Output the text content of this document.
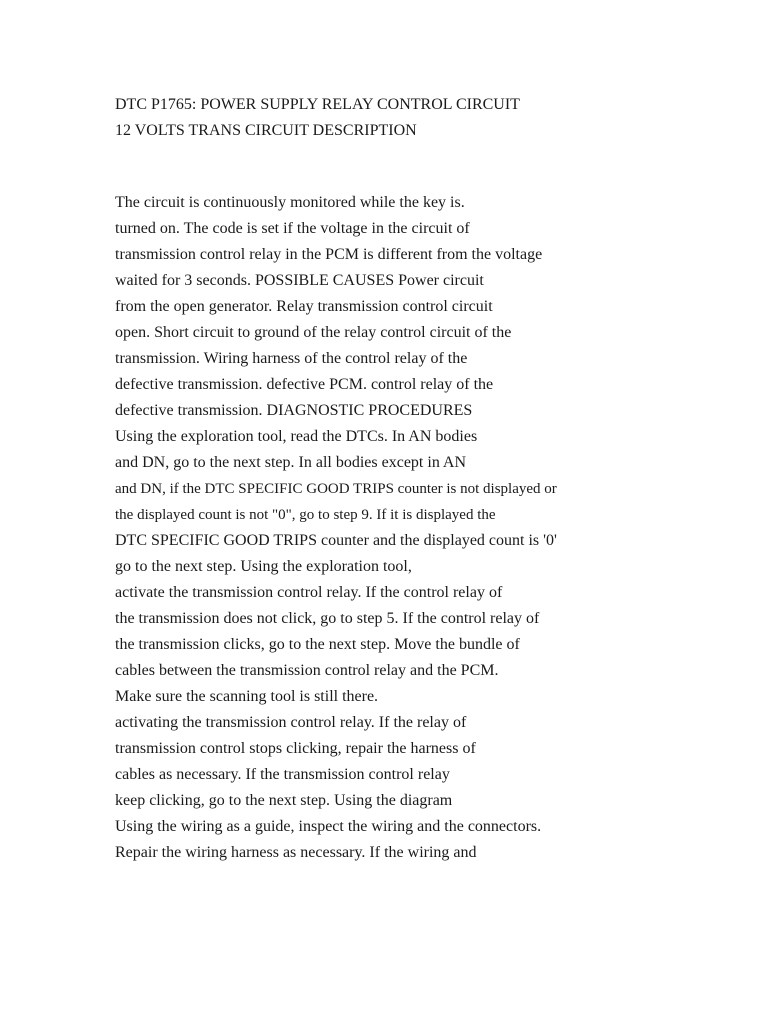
DTC P1765: POWER SUPPLY RELAY CONTROL CIRCUIT

12 VOLTS TRANS CIRCUIT DESCRIPTION

The circuit is continuously monitored while the key is.

turned on. The code is set if the voltage in the circuit of

transmission control relay in the PCM is different from the voltage

waited for 3 seconds. POSSIBLE CAUSES Power circuit

from the open generator. Relay transmission control circuit

open. Short circuit to ground of the relay control circuit of the

transmission. Wiring harness of the control relay of the

defective transmission. defective PCM. control relay of the

defective transmission. DIAGNOSTIC PROCEDURES

Using the exploration tool, read the DTCs. In AN bodies

and DN, go to the next step. In all bodies except in AN

and DN, if the DTC SPECIFIC GOOD TRIPS counter is not displayed or

the displayed count is not "0", go to step 9. If it is displayed the

DTC SPECIFIC GOOD TRIPS counter and the displayed count is '0'

go to the next step. Using the exploration tool,

activate the transmission control relay. If the control relay of

the transmission does not click, go to step 5. If the control relay of

the transmission clicks, go to the next step. Move the bundle of

cables between the transmission control relay and the PCM.

Make sure the scanning tool is still there.

activating the transmission control relay. If the relay of

transmission control stops clicking, repair the harness of

cables as necessary. If the transmission control relay

keep clicking, go to the next step. Using the diagram

Using the wiring as a guide, inspect the wiring and the connectors.

Repair the wiring harness as necessary. If the wiring and
